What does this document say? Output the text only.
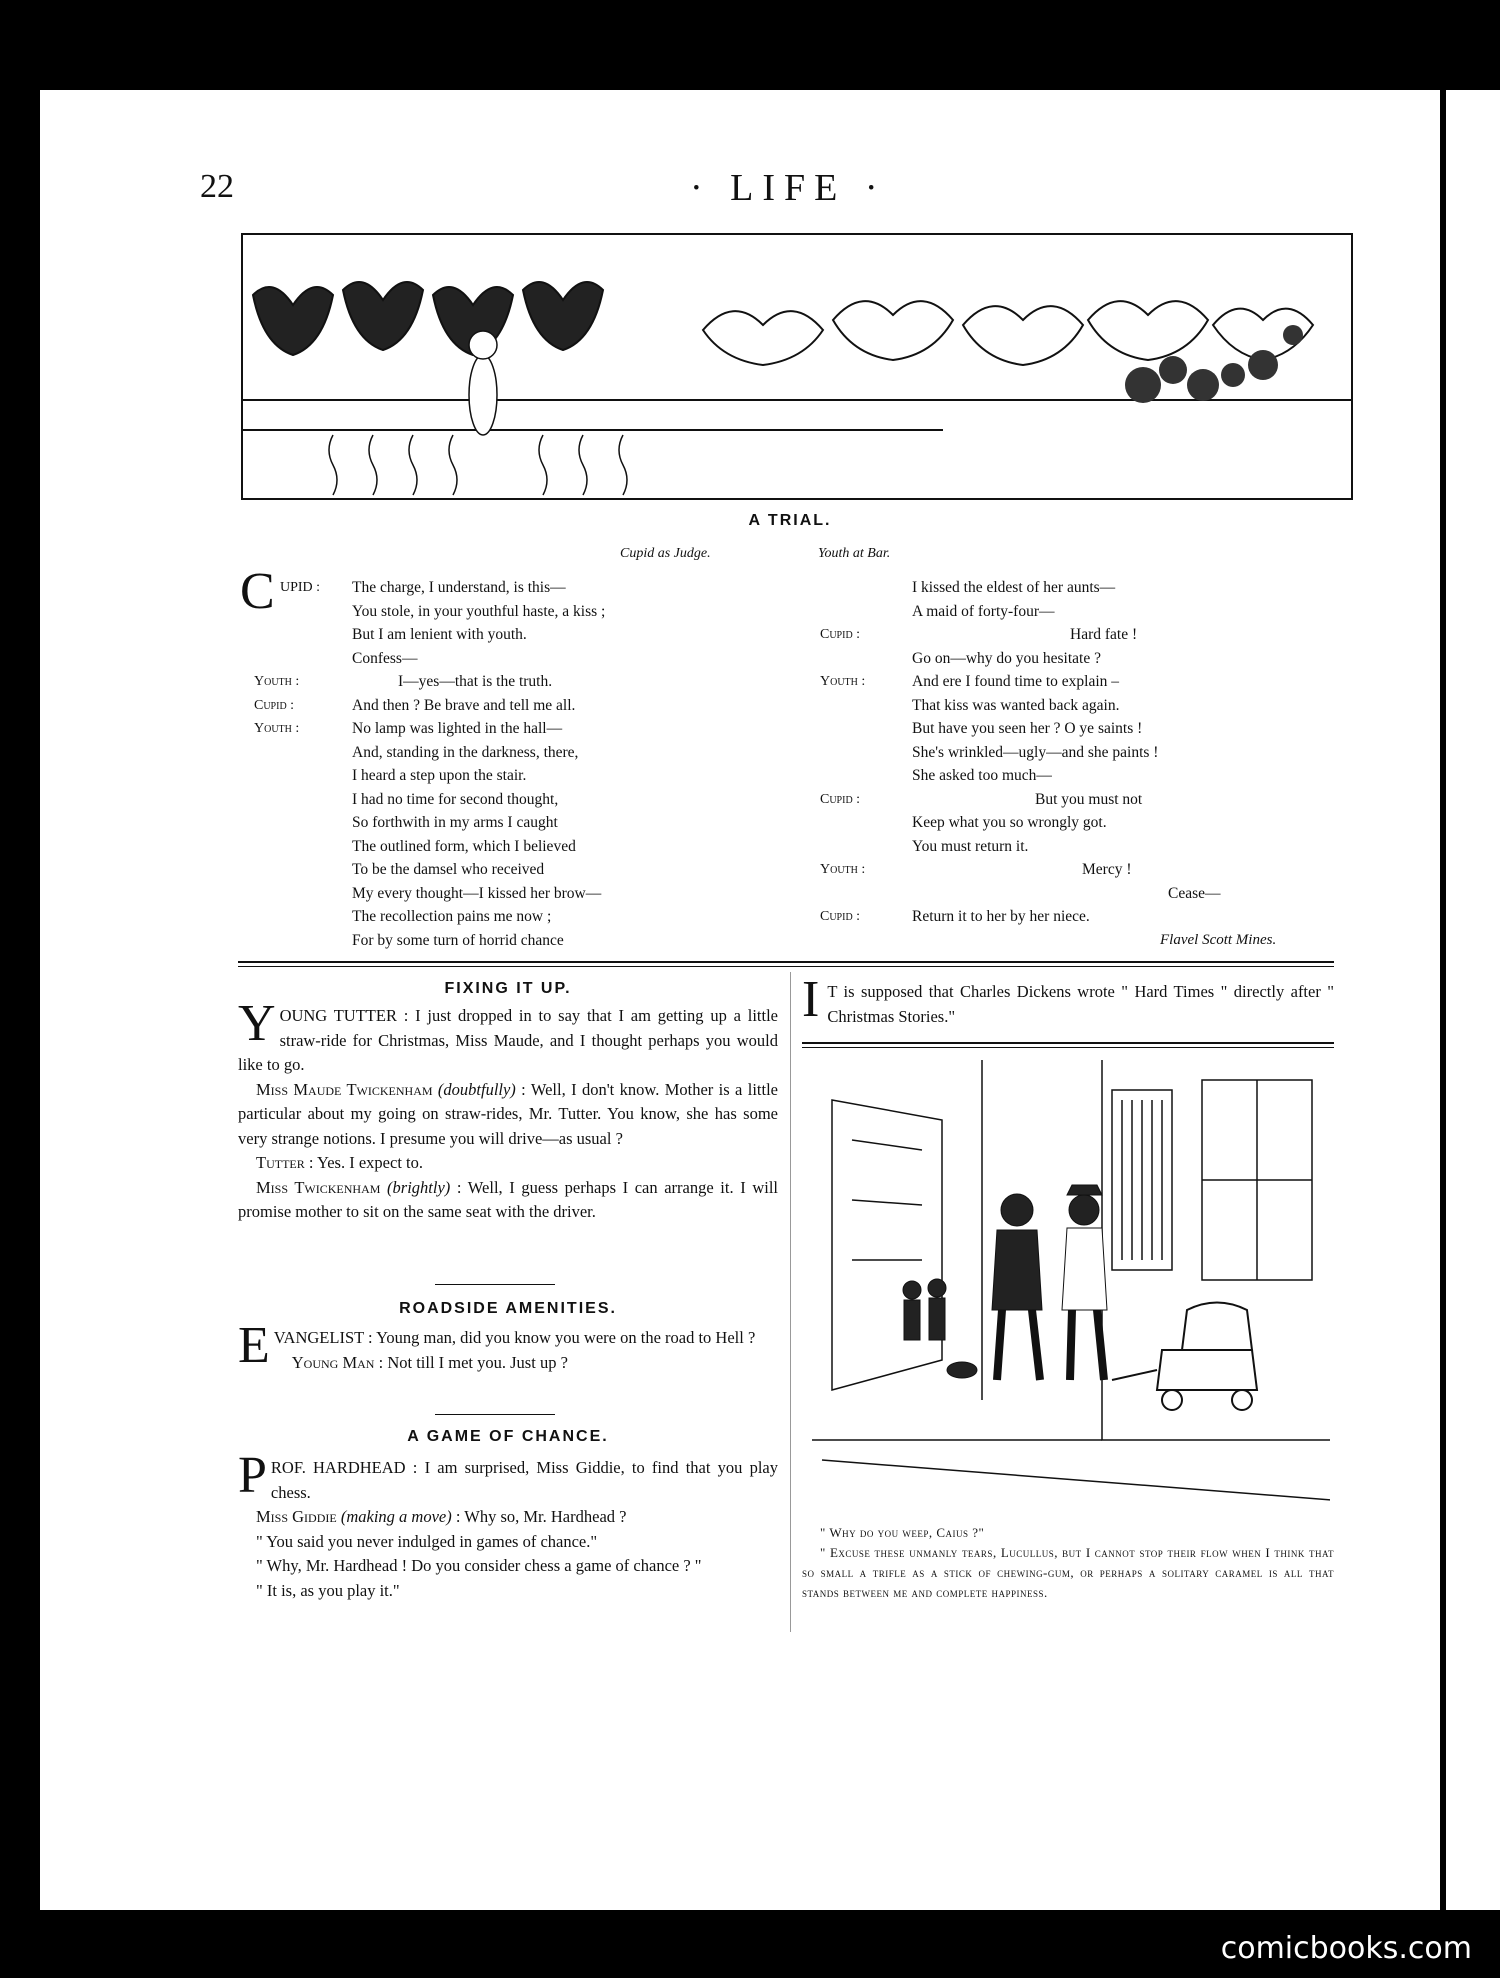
22	· LIFE ·
A TRIAL.
Cupid as Judge.	Youth at Bar.
C UPID : The charge, I understand, is this—
You stole, in your youthful haste, a kiss ;
But I am lenient with youth.
Confess—
Youth :	I—yes—that is the truth.
Cupid :	And then ? Be brave and tell me all.
Youth :	No lamp was lighted in the hall—
And, standing in the darkness, there,
I heard a step upon the stair.
I had no time for second thought,
So forthwith in my arms I caught
The outlined form, which I believed
To be the damsel who received
My every thought—I kissed her brow—
The recollection pains me now ;
For by some turn of horrid chance
I kissed the eldest of her aunts—
A maid of forty-four—
Cupid :	Hard fate !
Go on—why do you hesitate ?
Youth :	And ere I found time to explain –
That kiss was wanted back again.
But have you seen her ? O ye saints !
She's wrinkled—ugly—and she paints !
She asked too much—
Cupid :	But you must not
Keep what you so wrongly got.
You must return it.
Youth :	Mercy !
Cease—
Cupid :	Return it to her by her niece.
Flavel Scott Mines.
FIXING IT UP.

YOUNG TUTTER : I just dropped in to say that I am getting up a little straw-ride for Christmas, Miss Maude, and I thought perhaps you would like to go.

Miss Maude Twickenham (doubtfully) : Well, I don't know. Mother is a little particular about my going on straw-rides, Mr. Tutter. You know, she has some very strange notions. I presume you will drive—as usual ?

Tutter : Yes. I expect to.

Miss Twickenham (brightly) : Well, I guess perhaps I can arrange it. I will promise mother to sit on the same seat with the driver.

ROADSIDE AMENITIES.

EVANGELIST : Young man, did you know you were on the road to Hell ?

Young Man : Not till I met you. Just up ?

A GAME OF CHANCE.

PROF. HARDHEAD : I am surprised, Miss Giddie, to find that you play chess.

Miss Giddie (making a move) : Why so, Mr. Hardhead ?

" You said you never indulged in games of chance."

" Why, Mr. Hardhead ! Do you consider chess a game of chance ? "

" It is, as you play it."

I T is supposed that Charles Dickens wrote " Hard Times " directly after " Christmas Stories."

" Why do you weep, Caius ?"
" Excuse these unmanly tears, Lucullus, but I cannot stop their flow when I think that so small a trifle as a stick of chewing-gum, or perhaps a solitary caramel is all that stands between me and complete happiness.
comicbooks.com
